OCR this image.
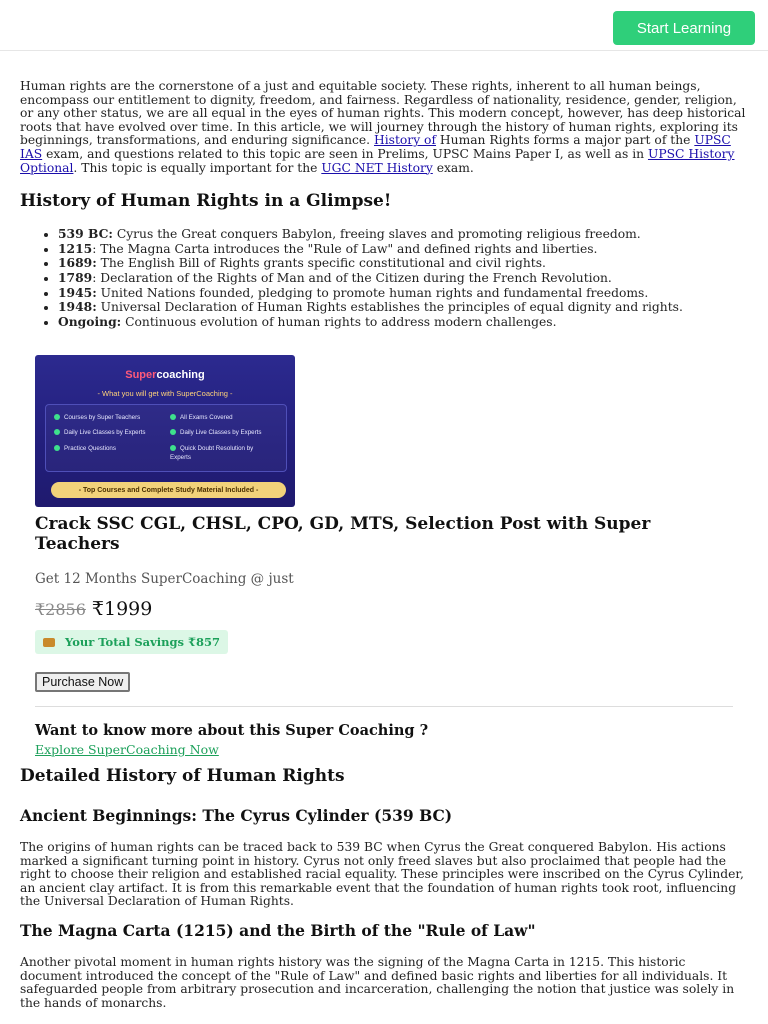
Start Learning

Human rights are the cornerstone of a just and equitable society. These rights, inherent to all human beings, encompass our entitlement to dignity, freedom, and fairness. Regardless of nationality, residence, gender, religion, or any other status, we are all equal in the eyes of human rights. This modern concept, however, has deep historical roots that have evolved over time. In this article, we will journey through the history of human rights, exploring its beginnings, transformations, and enduring significance. History of Human Rights forms a major part of the UPSC IAS exam, and questions related to this topic are seen in Prelims, UPSC Mains Paper I, as well as in UPSC History Optional. This topic is equally important for the UGC NET History exam.

History of Human Rights in a Glimpse!
• 539 BC: Cyrus the Great conquers Babylon, freeing slaves and promoting religious freedom.
• 1215: The Magna Carta introduces the "Rule of Law" and defined rights and liberties.
• 1689: The English Bill of Rights grants specific constitutional and civil rights.
• 1789: Declaration of the Rights of Man and of the Citizen during the French Revolution.
• 1945: United Nations founded, pledging to promote human rights and fundamental freedoms.
• 1948: Universal Declaration of Human Rights establishes the principles of equal dignity and rights.
• Ongoing: Continuous evolution of human rights to address modern challenges.
Supercoaching
- What you will get with SuperCoaching -
Courses by Super Teachers	All Exams Covered
Daily Live Classes by Experts	Daily Live Classes by Experts
Practice Questions	Quick Doubt Resolution by Experts
- Top Courses and Complete Study Material Included -
Crack SSC CGL, CHSL, CPO, GD, MTS, Selection Post with Super Teachers
Get 12 Months SuperCoaching @ just
₹2856 ₹1999
Your Total Savings ₹857
Purchase Now
Want to know more about this Super Coaching ?
Explore SuperCoaching Now
Detailed History of Human Rights
Ancient Beginnings: The Cyrus Cylinder (539 BC)

The origins of human rights can be traced back to 539 BC when Cyrus the Great conquered Babylon. His actions marked a significant turning point in history. Cyrus not only freed slaves but also proclaimed that people had the right to choose their religion and established racial equality. These principles were inscribed on the Cyrus Cylinder, an ancient clay artifact. It is from this remarkable event that the foundation of human rights took root, influencing the Universal Declaration of Human Rights.

The Magna Carta (1215) and the Birth of the "Rule of Law"

Another pivotal moment in human rights history was the signing of the Magna Carta in 1215. This historic document introduced the concept of the "Rule of Law" and defined basic rights and liberties for all individuals. It safeguarded people from arbitrary prosecution and incarceration, challenging the notion that justice was solely in the hands of monarchs.
